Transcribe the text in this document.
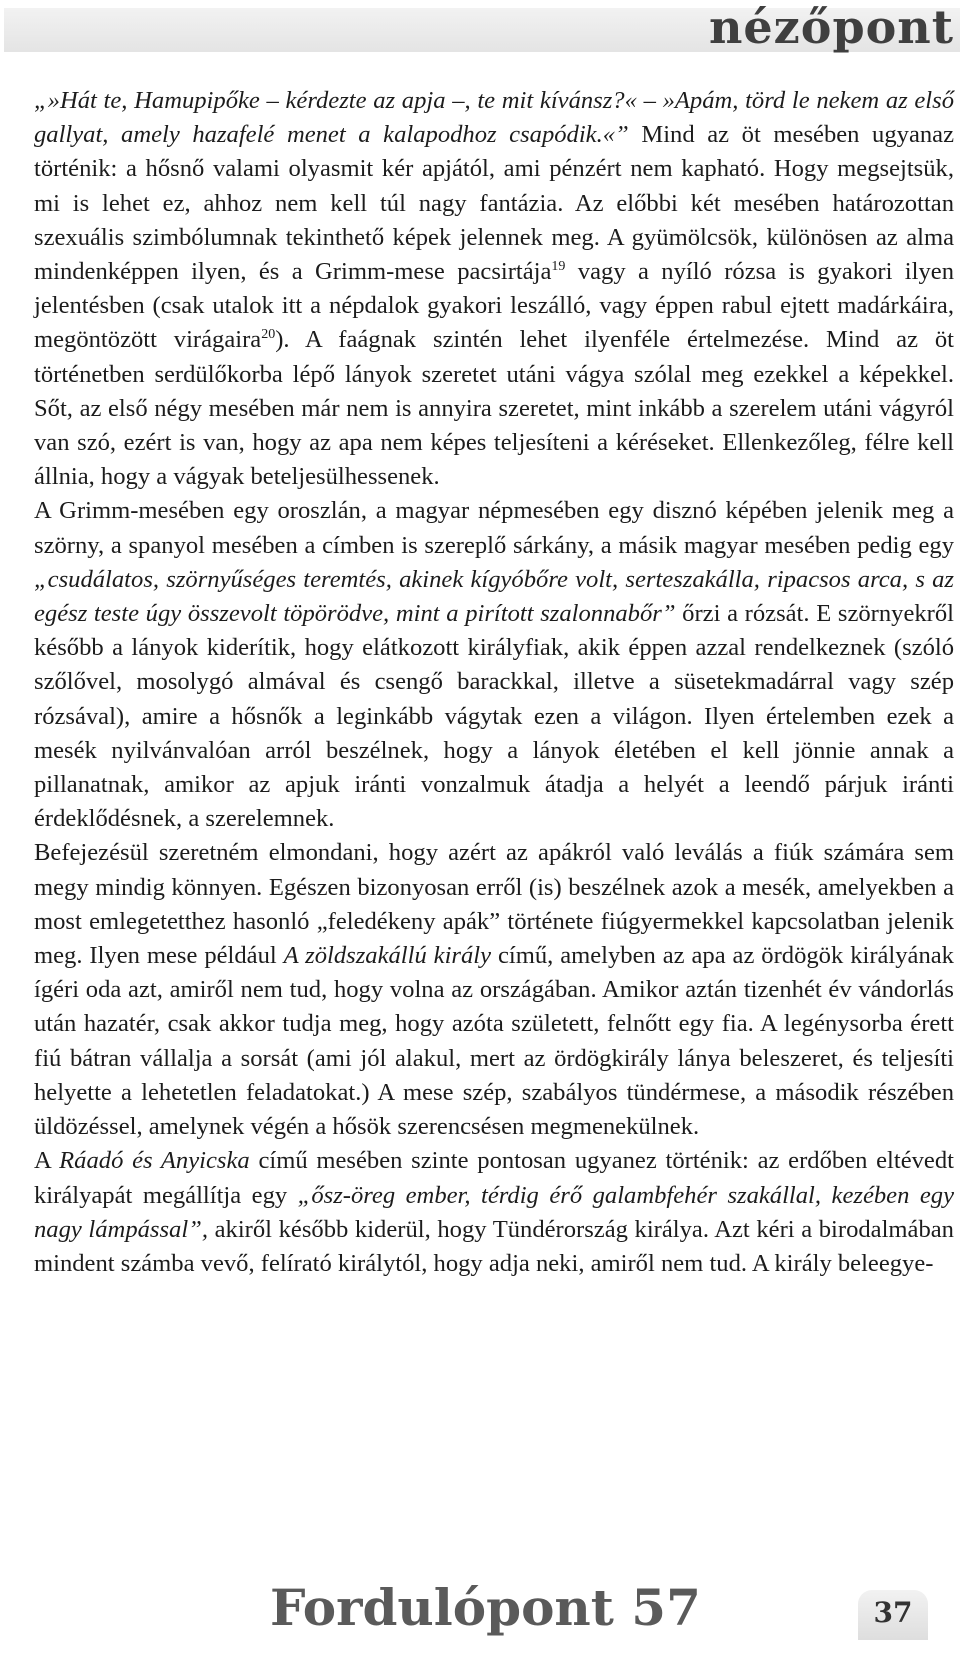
nézőpont

„»Hát te, Hamupipőke – kérdezte az apja –, te mit kívánsz?« – »Apám, törd le nekem az első gallyat, amely hazafelé menet a kalapodhoz csapódik.«” Mind az öt mesében ugyanaz történik: a hősnő valami olyasmit kér apjától, ami pénzért nem kapható. Hogy megsejtsük, mi is lehet ez, ahhoz nem kell túl nagy fantázia. Az előbbi két mesében határozottan szexuális szimbólumnak tekinthető képek jelennek meg. A gyümölcsök, különösen az alma mindenképpen ilyen, és a Grimm-mese pacsirtája$^{19}$ vagy a nyíló rózsa is gyakori ilyen jelentésben (csak utalok itt a népdalok gyakori leszálló, vagy éppen rabul ejtett madárkáira, megöntözött virágaira$^{20}$). A faágnak szintén lehet ilyenféle értelmezése. Mind az öt történetben serdülőkorba lépő lányok szeretet utáni vágya szólal meg ezekkel a képekkel. Sőt, az első négy mesében már nem is annyira szeretet, mint inkább a szerelem utáni vágyról van szó, ezért is van, hogy az apa nem képes teljesíteni a kéréseket. Ellenkezőleg, félre kell állnia, hogy a vágyak beteljesülhessenek.

A Grimm-mesében egy oroszlán, a magyar népmesében egy disznó képében jelenik meg a szörny, a spanyol mesében a címben is szereplő sárkány, a másik magyar mesében pedig egy „csudálatos, szörnyűséges teremtés, akinek kígyóbőre volt, serteszakálla, ripacsos arca, s az egész teste úgy összevolt töpörödve, mint a pirított szalonnabőr” őrzi a rózsát. E szörnyekről később a lányok kiderítik, hogy elátkozott királyfiak, akik éppen azzal rendelkeznek (szóló szőlővel, mosolygó almával és csengő barackkal, illetve a süsetekmadárral vagy szép rózsával), amire a hősnők a leginkább vágytak ezen a világon. Ilyen értelemben ezek a mesék nyilvánvalóan arról beszélnek, hogy a lányok életében el kell jönnie annak a pillanatnak, amikor az apjuk iránti vonzalmuk átadja a helyét a leendő párjuk iránti érdeklődésnek, a szerelemnek.

Befejezésül szeretném elmondani, hogy azért az apákról való leválás a fiúk számára sem megy mindig könnyen. Egészen bizonyosan erről (is) beszélnek azok a mesék, amelyekben a most emlegetetthez hasonló „feledékeny apák” története fiúgyermekkel kapcsolatban jelenik meg. Ilyen mese például A zöldszakállú király című, amelyben az apa az ördögök királyának ígéri oda azt, amiről nem tud, hogy volna az országában. Amikor aztán tizenhét év vándorlás után hazatér, csak akkor tudja meg, hogy azóta született, felnőtt egy fia. A legénysorba érett fiú bátran vállalja a sorsát (ami jól alakul, mert az ördögkirály lánya beleszeret, és teljesíti helyette a lehetetlen feladatokat.) A mese szép, szabályos tündérmese, a második részében üldözéssel, amelynek végén a hősök szerencsésen megmenekülnek.

A Ráadó és Anyicska című mesében szinte pontosan ugyanez történik: az erdőben eltévedt királyapát megállítja egy „ősz-öreg ember, térdig érő galambfehér szakállal, kezében egy nagy lámpással”, akiről később kiderül, hogy Tündérország királya. Azt kéri a birodalmában mindent számba vevő, felírató királytól, hogy adja neki, amiről nem tud. A király beleegye-

Fordulópont 57	37
